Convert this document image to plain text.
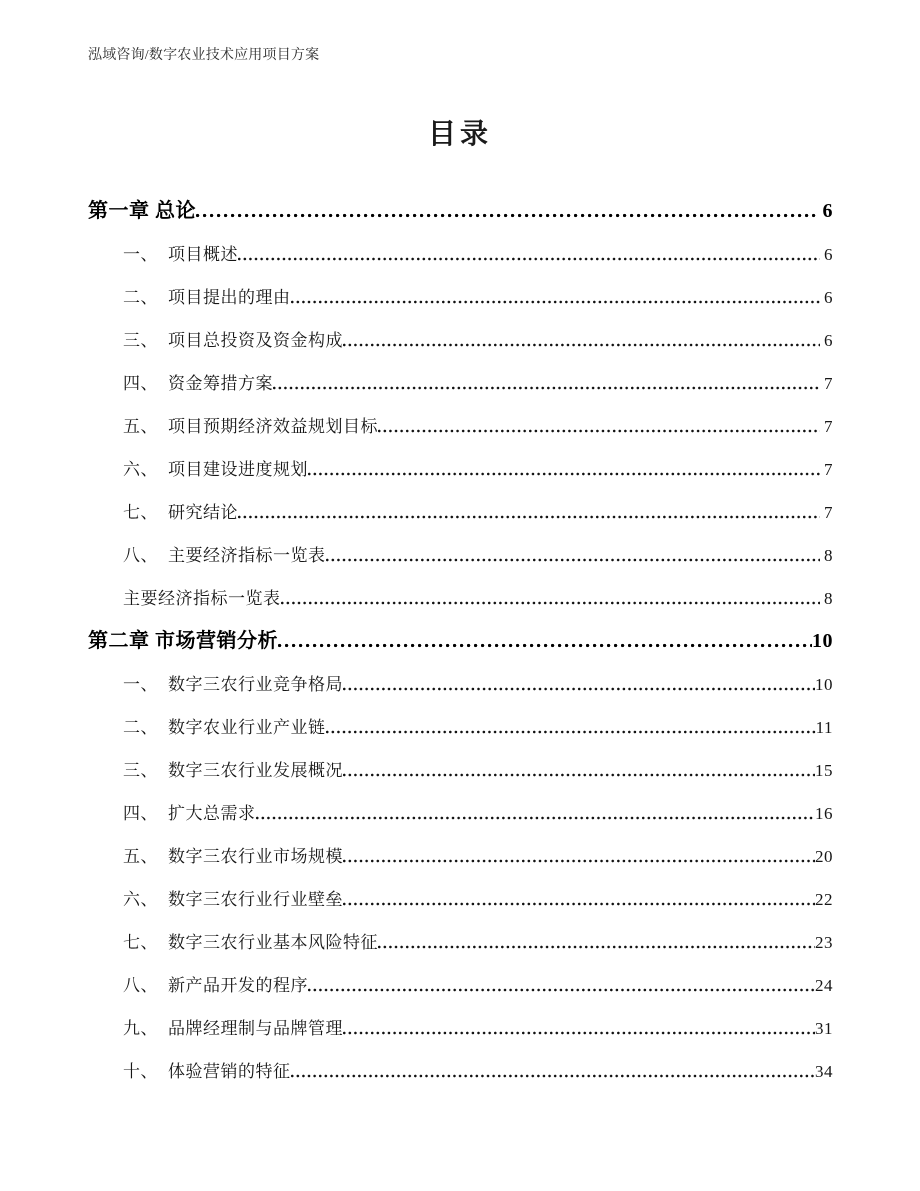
泓域咨询/数字农业技术应用项目方案
目录
第一章 总论	6
一、 项目概述	6
二、 项目提出的理由	6
三、 项目总投资及资金构成	6
四、 资金筹措方案	7
五、 项目预期经济效益规划目标	7
六、 项目建设进度规划	7
七、 研究结论	7
八、 主要经济指标一览表	8
主要经济指标一览表	8
第二章 市场营销分析	10
一、 数字三农行业竞争格局	10
二、 数字农业行业产业链	11
三、 数字三农行业发展概况	15
四、 扩大总需求	16
五、 数字三农行业市场规模	20
六、 数字三农行业行业壁垒	22
七、 数字三农行业基本风险特征	23
八、 新产品开发的程序	24
九、 品牌经理制与品牌管理	31
十、 体验营销的特征	34
